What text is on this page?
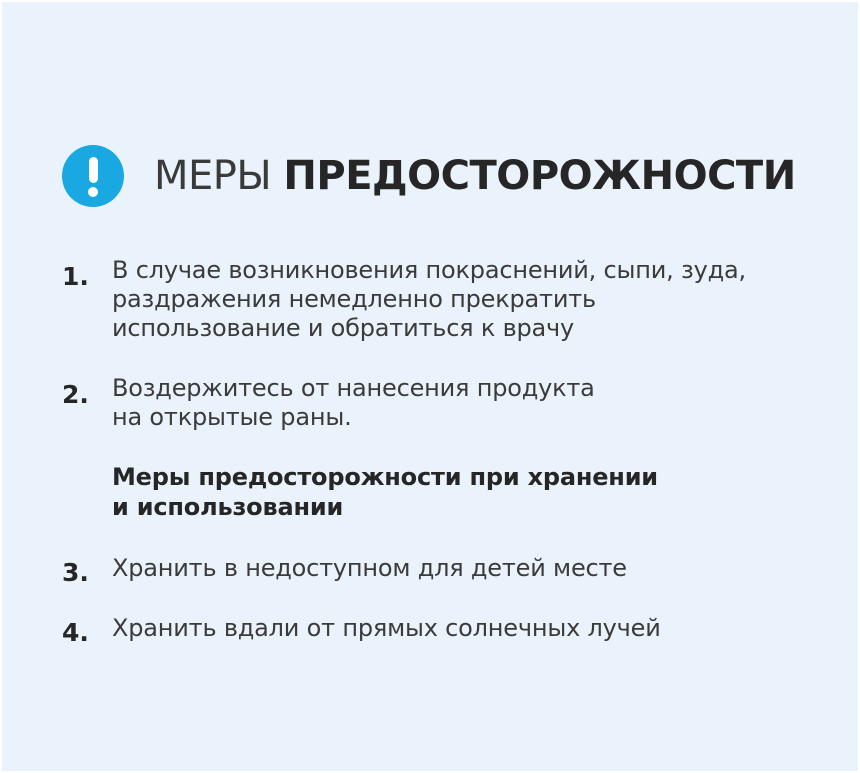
МЕРЫ ПРЕДОСТОРОЖНОСТИ
1. В случае возникновения покраснений, сыпи, зуда,
раздражения немедленно прекратить
использование и обратиться к врачу
2. Воздержитесь от нанесения продукта
на открытые раны.
Меры предосторожности при хранении
и использовании
3. Хранить в недоступном для детей месте
4. Хранить вдали от прямых солнечных лучей
